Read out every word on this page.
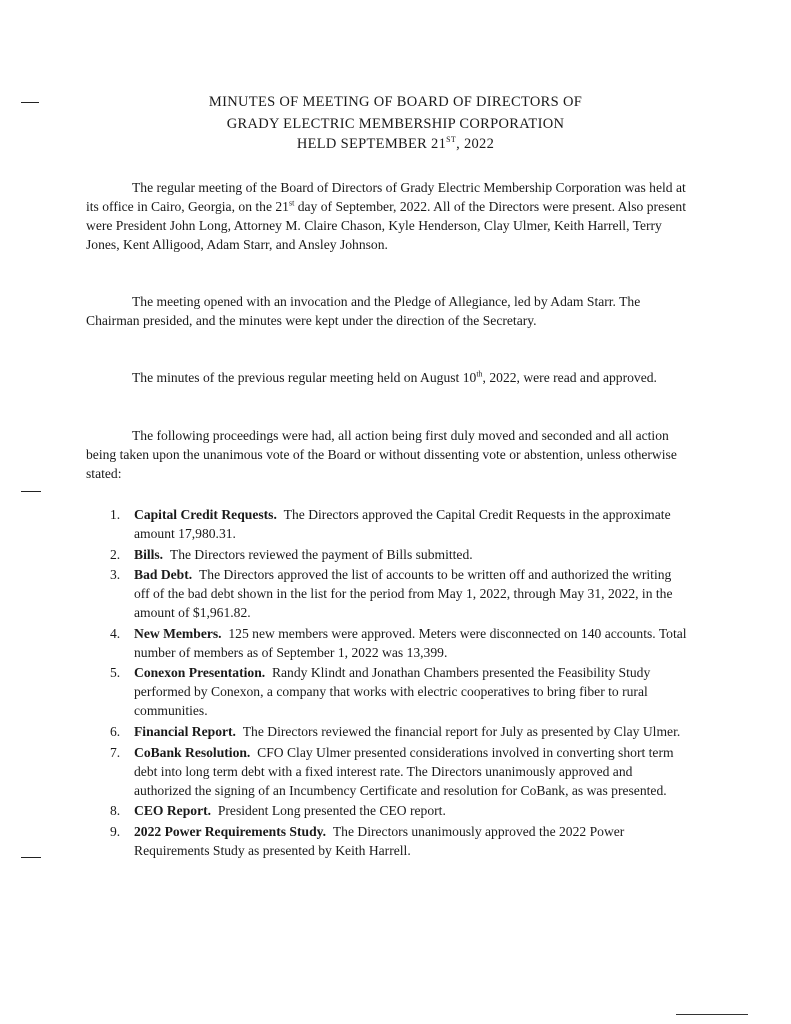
MINUTES OF MEETING OF BOARD OF DIRECTORS OF
GRADY ELECTRIC MEMBERSHIP CORPORATION
HELD SEPTEMBER 21ST, 2022
The regular meeting of the Board of Directors of Grady Electric Membership Corporation was held at its office in Cairo, Georgia, on the 21st day of September, 2022. All of the Directors were present. Also present were President John Long, Attorney M. Claire Chason, Kyle Henderson, Clay Ulmer, Keith Harrell, Terry Jones, Kent Alligood, Adam Starr, and Ansley Johnson.
The meeting opened with an invocation and the Pledge of Allegiance, led by Adam Starr. The Chairman presided, and the minutes were kept under the direction of the Secretary.
The minutes of the previous regular meeting held on August 10th, 2022, were read and approved.
The following proceedings were had, all action being first duly moved and seconded and all action being taken upon the unanimous vote of the Board or without dissenting vote or abstention, unless otherwise stated:
1. Capital Credit Requests. The Directors approved the Capital Credit Requests in the approximate amount 17,980.31.
2. Bills. The Directors reviewed the payment of Bills submitted.
3. Bad Debt. The Directors approved the list of accounts to be written off and authorized the writing off of the bad debt shown in the list for the period from May 1, 2022, through May 31, 2022, in the amount of $1,961.82.
4. New Members. 125 new members were approved. Meters were disconnected on 140 accounts. Total number of members as of September 1, 2022 was 13,399.
5. Conexon Presentation. Randy Klindt and Jonathan Chambers presented the Feasibility Study performed by Conexon, a company that works with electric cooperatives to bring fiber to rural communities.
6. Financial Report. The Directors reviewed the financial report for July as presented by Clay Ulmer.
7. CoBank Resolution. CFO Clay Ulmer presented considerations involved in converting short term debt into long term debt with a fixed interest rate. The Directors unanimously approved and authorized the signing of an Incumbency Certificate and resolution for CoBank, as was presented.
8. CEO Report. President Long presented the CEO report.
9. 2022 Power Requirements Study. The Directors unanimously approved the 2022 Power Requirements Study as presented by Keith Harrell.
